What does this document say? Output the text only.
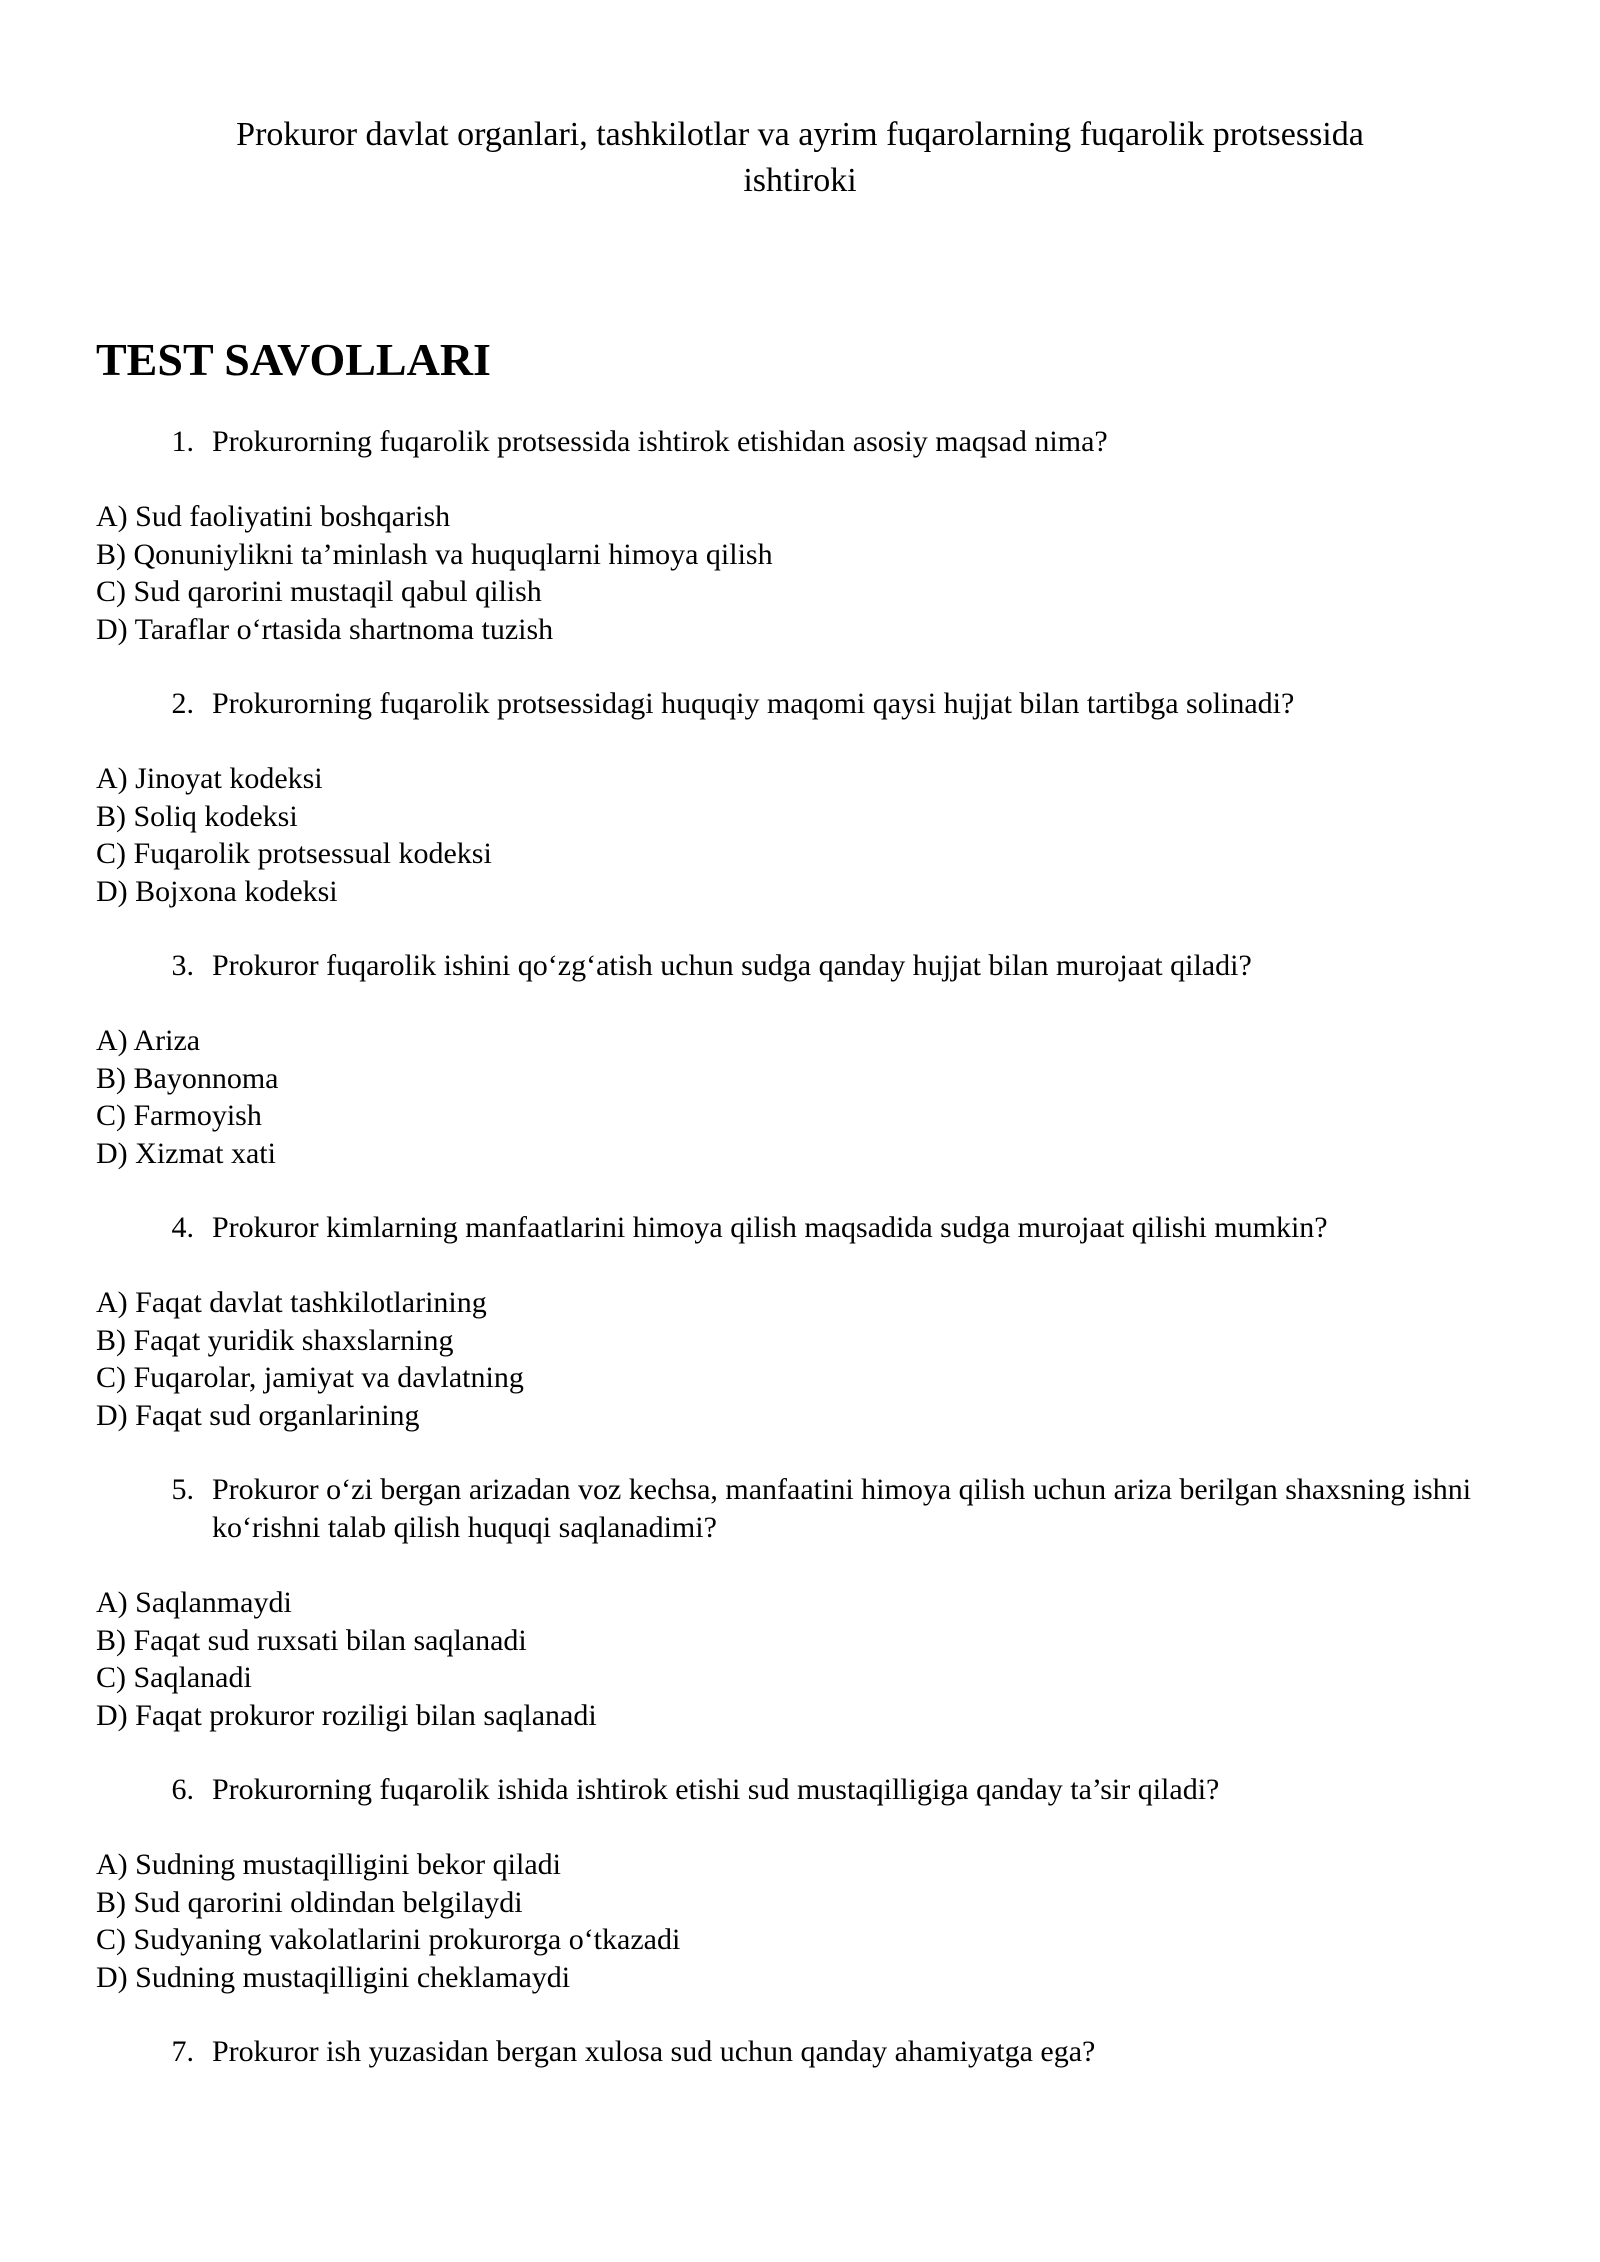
Prokuror davlat organlari, tashkilotlar va ayrim fuqarolarning fuqarolik protsessida
ishtiroki
TEST SAVOLLARI
1. Prokurorning fuqarolik protsessida ishtirok etishidan asosiy maqsad nima?
A) Sud faoliyatini boshqarish
B) Qonuniylikni ta’minlash va huquqlarni himoya qilish
C) Sud qarorini mustaqil qabul qilish
D) Taraflar o‘rtasida shartnoma tuzish
2. Prokurorning fuqarolik protsessidagi huquqiy maqomi qaysi hujjat bilan tartibga solinadi?
A) Jinoyat kodeksi
B) Soliq kodeksi
C) Fuqarolik protsessual kodeksi
D) Bojxona kodeksi
3. Prokuror fuqarolik ishini qo‘zg‘atish uchun sudga qanday hujjat bilan murojaat qiladi?
A) Ariza
B) Bayonnoma
C) Farmoyish
D) Xizmat xati
4. Prokuror kimlarning manfaatlarini himoya qilish maqsadida sudga murojaat qilishi mumkin?
A) Faqat davlat tashkilotlarining
B) Faqat yuridik shaxslarning
C) Fuqarolar, jamiyat va davlatning
D) Faqat sud organlarining
5. Prokuror o‘zi bergan arizadan voz kechsa, manfaatini himoya qilish uchun ariza berilgan shaxsning ishni ko‘rishni talab qilish huquqi saqlanadimi?
A) Saqlanmaydi
B) Faqat sud ruxsati bilan saqlanadi
C) Saqlanadi
D) Faqat prokuror roziligi bilan saqlanadi
6. Prokurorning fuqarolik ishida ishtirok etishi sud mustaqilligiga qanday ta’sir qiladi?
A) Sudning mustaqilligini bekor qiladi
B) Sud qarorini oldindan belgilaydi
C) Sudyaning vakolatlarini prokurorga o‘tkazadi
D) Sudning mustaqilligini cheklamaydi
7. Prokuror ish yuzasidan bergan xulosa sud uchun qanday ahamiyatga ega?
